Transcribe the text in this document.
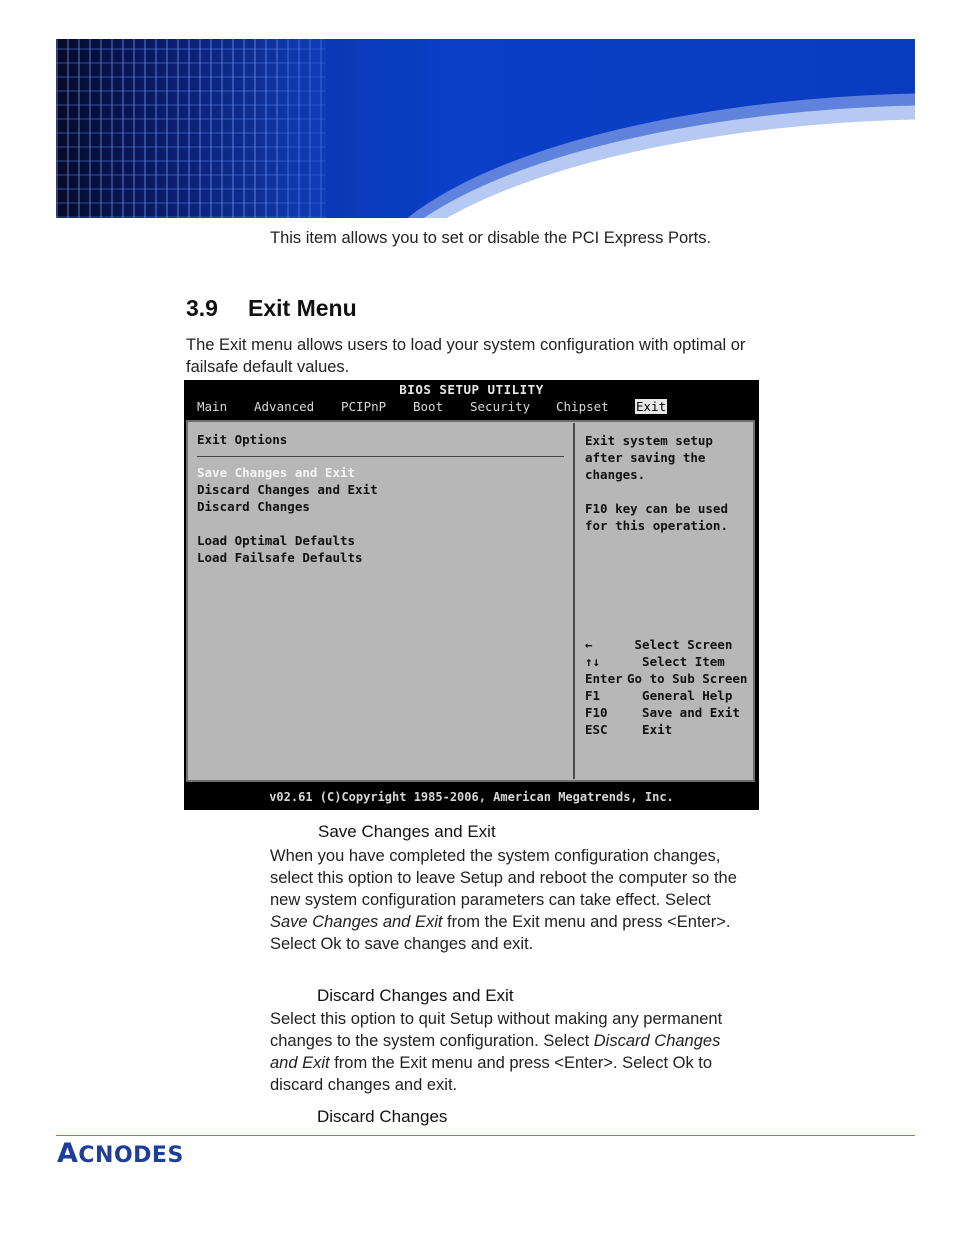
This item allows you to set or disable the PCI Express Ports.
3.9 Exit Menu
The Exit menu allows users to load your system configuration with optimal or failsafe default values.
BIOS SETUP UTILITY
Main Advanced PCIPnP Boot Security Chipset Exit
Exit Options
Save Changes and Exit
Discard Changes and Exit
Discard Changes
Load Optimal Defaults
Load Failsafe Defaults
Exit system setup
after saving the
changes.
F10 key can be used
for this operation.
←	Select Screen
↑↓  Select Item
Enter Go to Sub Screen
F1  General Help
F10  Save and Exit
ESC  Exit
v02.61 (C)Copyright 1985-2006, American Megatrends, Inc.
Save Changes and Exit
When you have completed the system configuration changes, select this option to leave Setup and reboot the computer so the new system configuration parameters can take effect. Select Save Changes and Exit from the Exit menu and press <Enter>. Select Ok to save changes and exit.
Discard Changes and Exit
Select this option to quit Setup without making any permanent changes to the system configuration. Select Discard Changes and Exit from the Exit menu and press <Enter>. Select Ok to discard changes and exit.
Discard Changes
ACNODES
